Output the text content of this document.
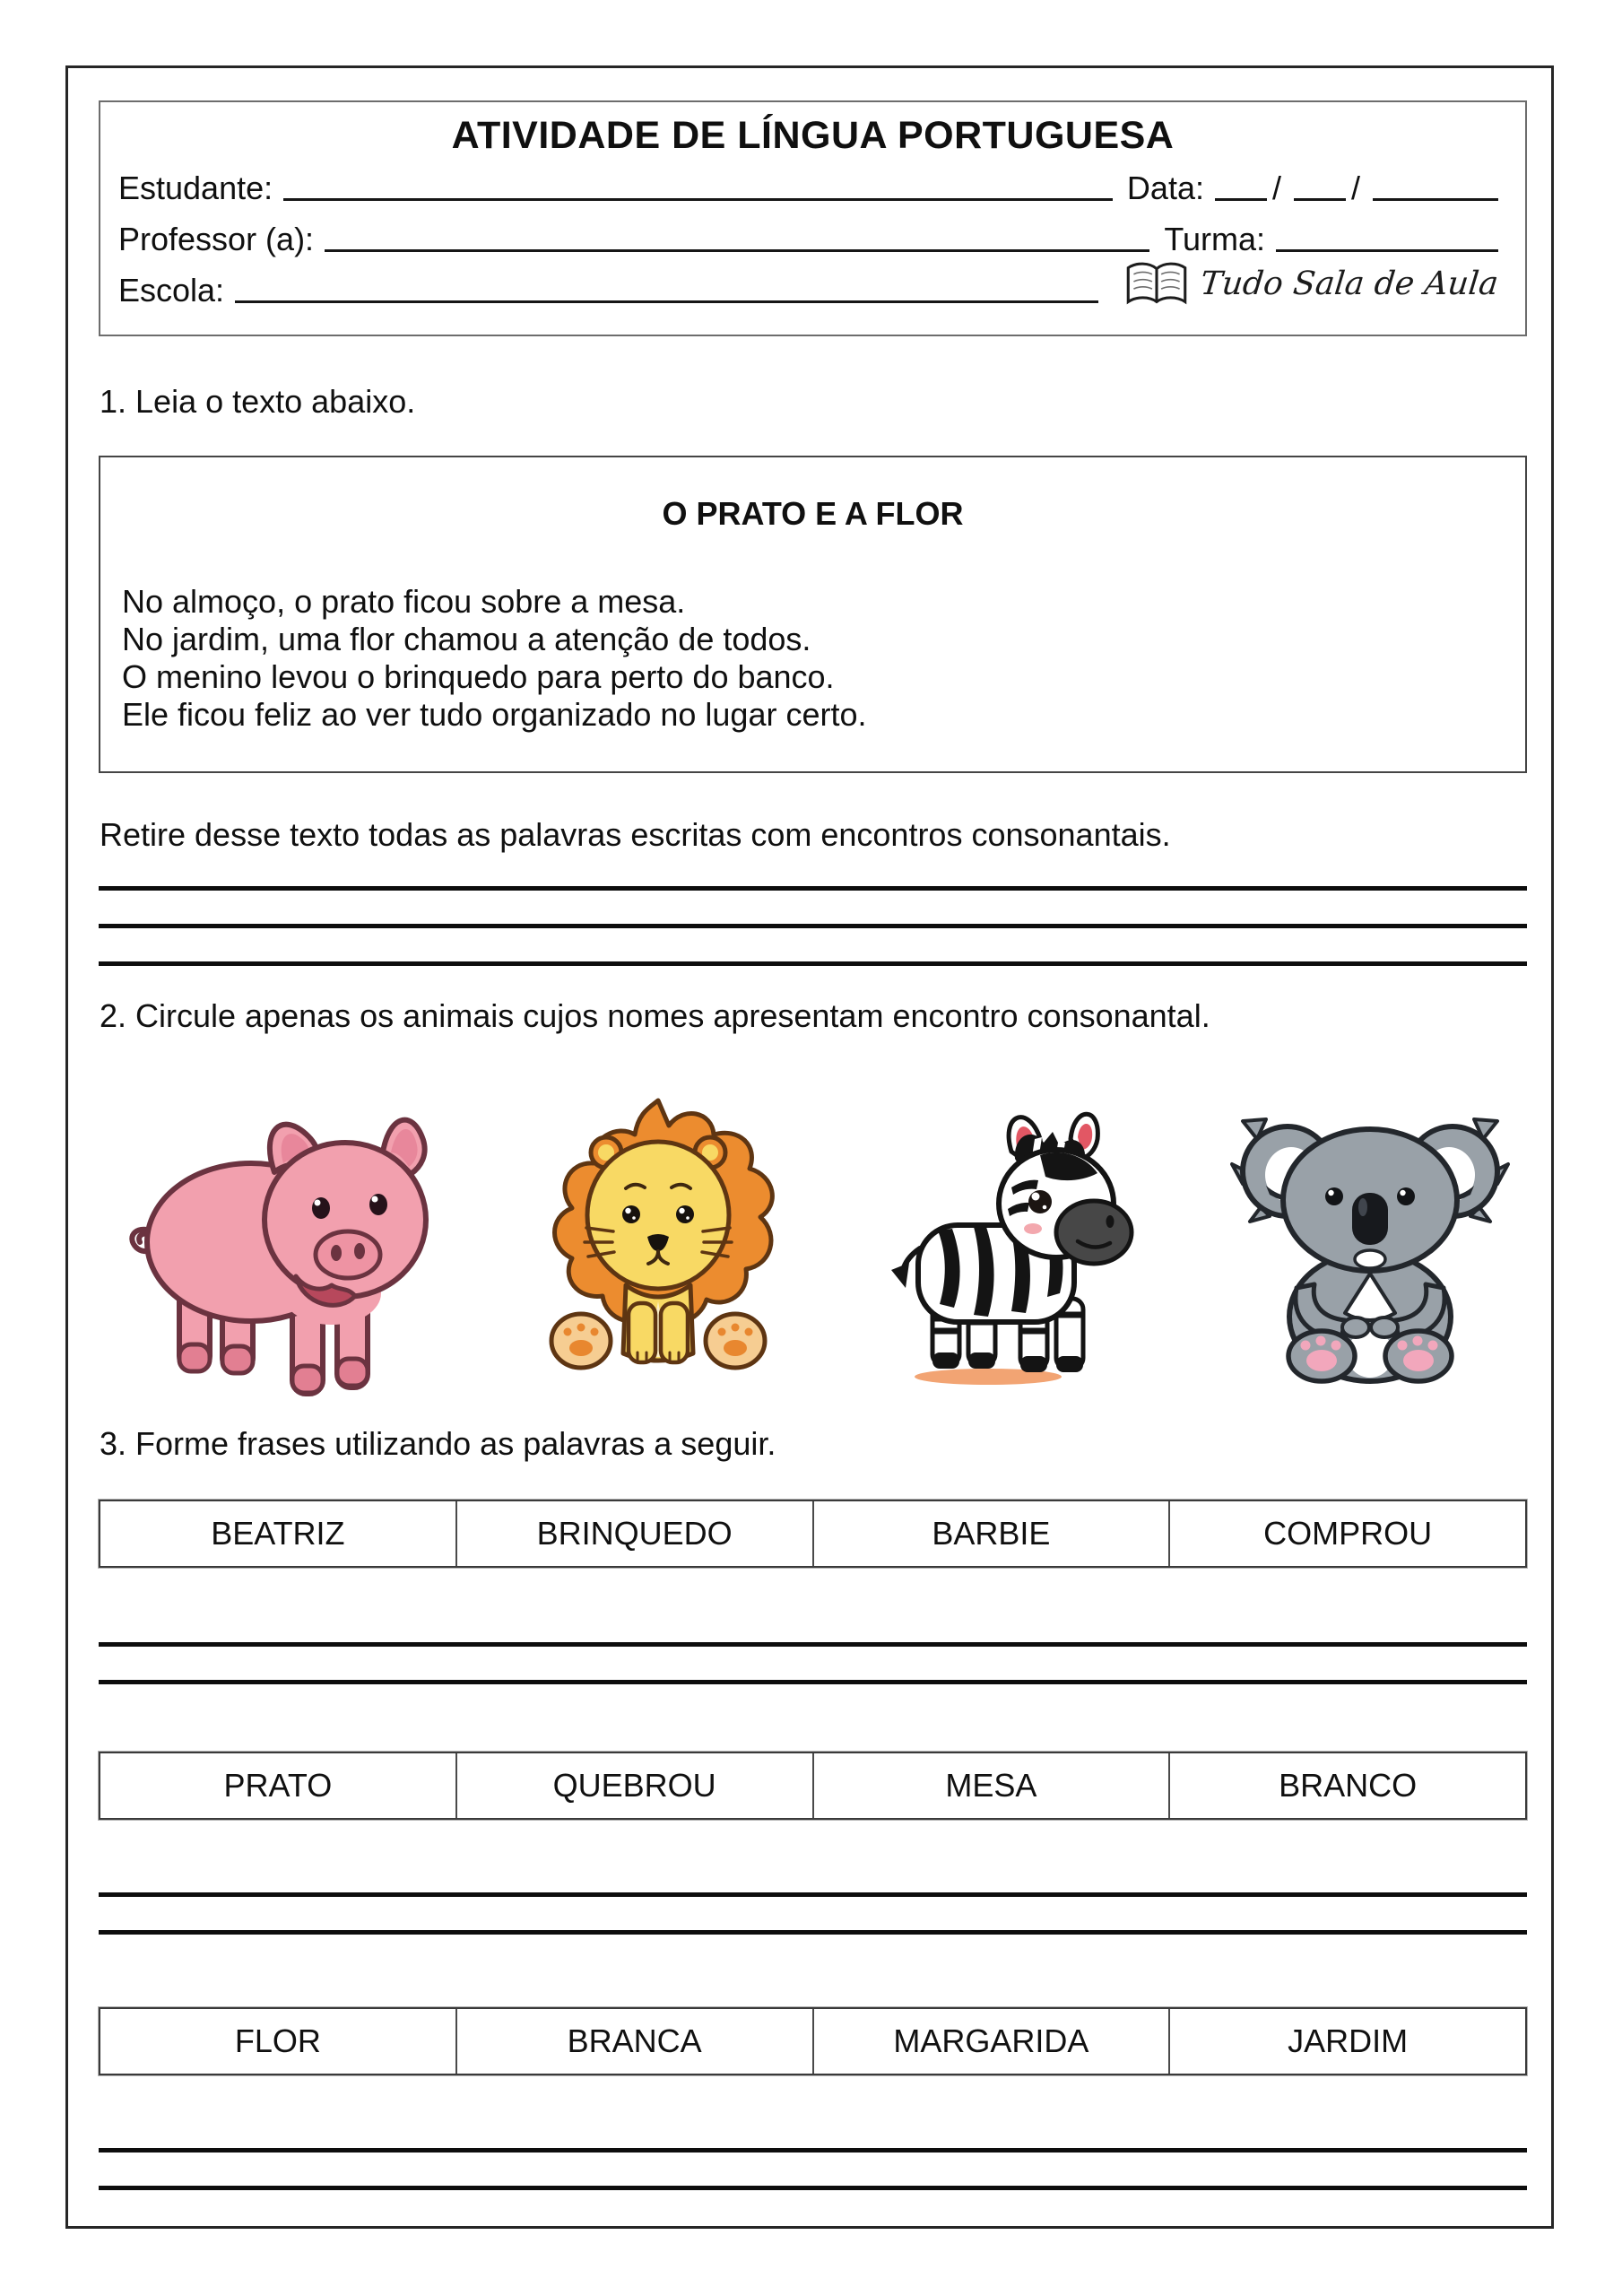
ATIVIDADE DE LÍNGUA PORTUGUESA
Estudante:	Data: / /
Professor (a):	Turma:
Escola:	Tudo Sala de Aula
1. Leia o texto abaixo.
O PRATO E A FLOR
No almoço, o prato ficou sobre a mesa.
No jardim, uma flor chamou a atenção de todos.
O menino levou o brinquedo para perto do banco.
Ele ficou feliz ao ver tudo organizado no lugar certo.
Retire desse texto todas as palavras escritas com encontros consonantais.
2. Circule apenas os animais cujos nomes apresentam encontro consonantal.
3. Forme frases utilizando as palavras a seguir.
BEATRIZ	BRINQUEDO	BARBIE	COMPROU
PRATO	QUEBROU	MESA	BRANCO
FLOR	BRANCA	MARGARIDA	JARDIM
